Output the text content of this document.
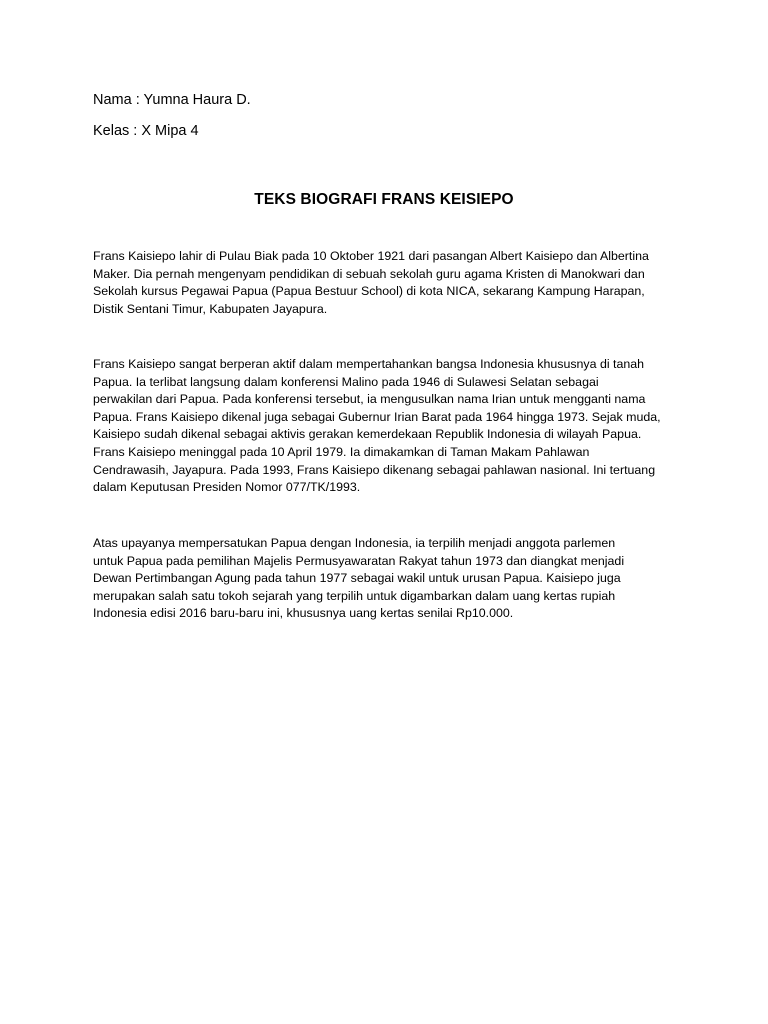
Nama : Yumna Haura D.
Kelas : X Mipa 4
TEKS BIOGRAFI FRANS KEISIEPO
Frans Kaisiepo lahir di Pulau Biak pada 10 Oktober 1921 dari pasangan Albert Kaisiepo dan Albertina
Maker. Dia pernah mengenyam pendidikan di sebuah sekolah guru agama Kristen di Manokwari dan
Sekolah kursus Pegawai Papua (Papua Bestuur School) di kota NICA, sekarang Kampung Harapan,
Distik Sentani Timur, Kabupaten Jayapura.
Frans Kaisiepo sangat berperan aktif dalam mempertahankan bangsa Indonesia khususnya di tanah
Papua. Ia terlibat langsung dalam konferensi Malino pada 1946 di Sulawesi Selatan sebagai
perwakilan dari Papua. Pada konferensi tersebut, ia mengusulkan nama Irian untuk mengganti nama
Papua. Frans Kaisiepo dikenal juga sebagai Gubernur Irian Barat pada 1964 hingga 1973. Sejak muda,
Kaisiepo sudah dikenal sebagai aktivis gerakan kemerdekaan Republik Indonesia di wilayah Papua.
Frans Kaisiepo meninggal pada 10 April 1979. Ia dimakamkan di Taman Makam Pahlawan
Cendrawasih, Jayapura. Pada 1993, Frans Kaisiepo dikenang sebagai pahlawan nasional. Ini tertuang
dalam Keputusan Presiden Nomor 077/TK/1993.
Atas upayanya mempersatukan Papua dengan Indonesia, ia terpilih menjadi anggota parlemen
untuk Papua pada pemilihan Majelis Permusyawaratan Rakyat tahun 1973 dan diangkat menjadi
Dewan Pertimbangan Agung pada tahun 1977 sebagai wakil untuk urusan Papua. Kaisiepo juga
merupakan salah satu tokoh sejarah yang terpilih untuk digambarkan dalam uang kertas rupiah
Indonesia edisi 2016 baru-baru ini, khususnya uang kertas senilai Rp10.000.
